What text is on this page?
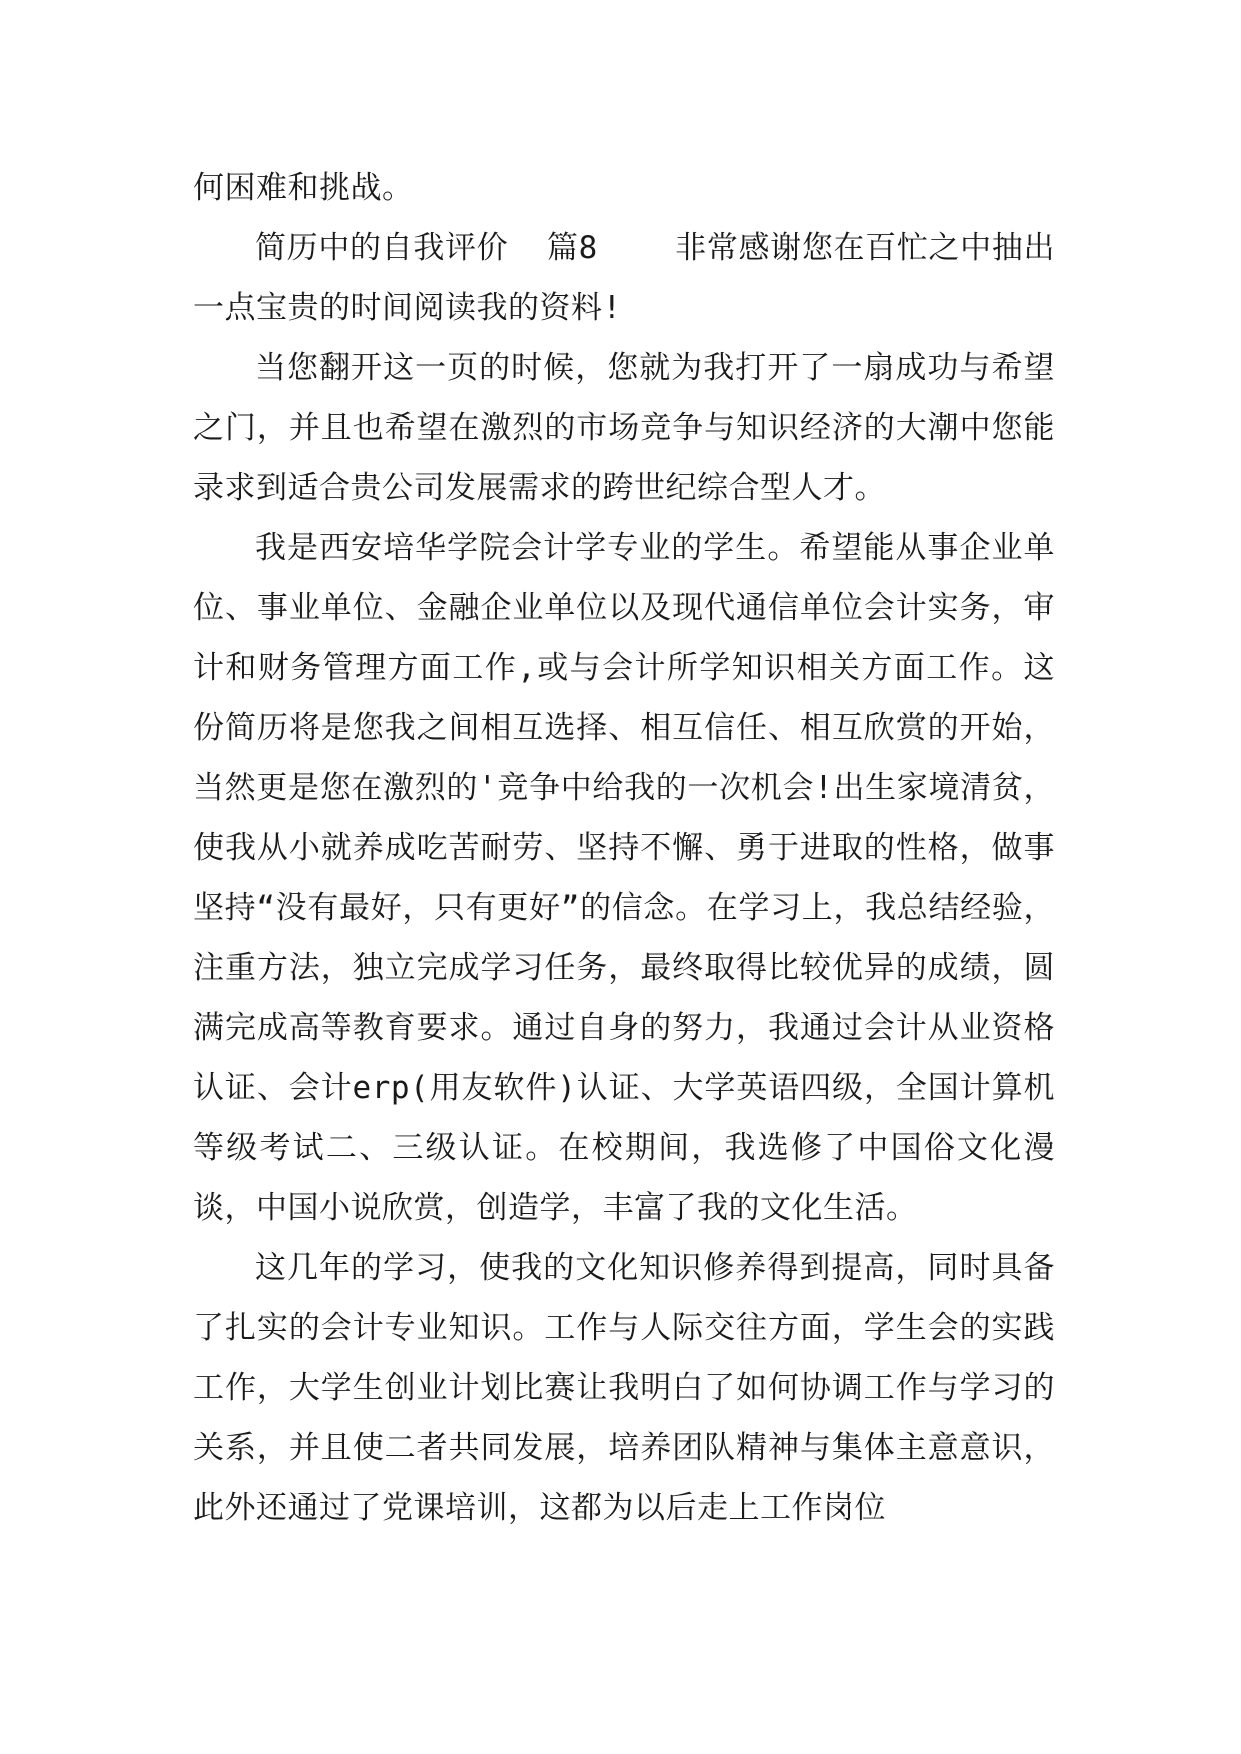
何困难和挑战。

简历中的自我评价  篇8    非常感谢您在百忙之中抽出一点宝贵的时间阅读我的资料!

当您翻开这一页的时候，您就为我打开了一扇成功与希望之门，并且也希望在激烈的市场竞争与知识经济的大潮中您能录求到适合贵公司发展需求的跨世纪综合型人才。

我是西安培华学院会计学专业的学生。希望能从事企业单位、事业单位、金融企业单位以及现代通信单位会计实务，审计和财务管理方面工作,或与会计所学知识相关方面工作。这份简历将是您我之间相互选择、相互信任、相互欣赏的开始，当然更是您在激烈的'竞争中给我的一次机会!出生家境清贫，使我从小就养成吃苦耐劳、坚持不懈、勇于进取的性格，做事坚持“没有最好，只有更好”的信念。在学习上，我总结经验，注重方法，独立完成学习任务，最终取得比较优异的成绩，圆满完成高等教育要求。通过自身的努力，我通过会计从业资格认证、会计erp(用友软件)认证、大学英语四级，全国计算机等级考试二、三级认证。在校期间，我选修了中国俗文化漫谈，中国小说欣赏，创造学，丰富了我的文化生活。

这几年的学习，使我的文化知识修养得到提高，同时具备了扎实的会计专业知识。工作与人际交往方面，学生会的实践工作，大学生创业计划比赛让我明白了如何协调工作与学习的关系，并且使二者共同发展，培养团队精神与集体主意意识，此外还通过了党课培训，这都为以后走上工作岗位
